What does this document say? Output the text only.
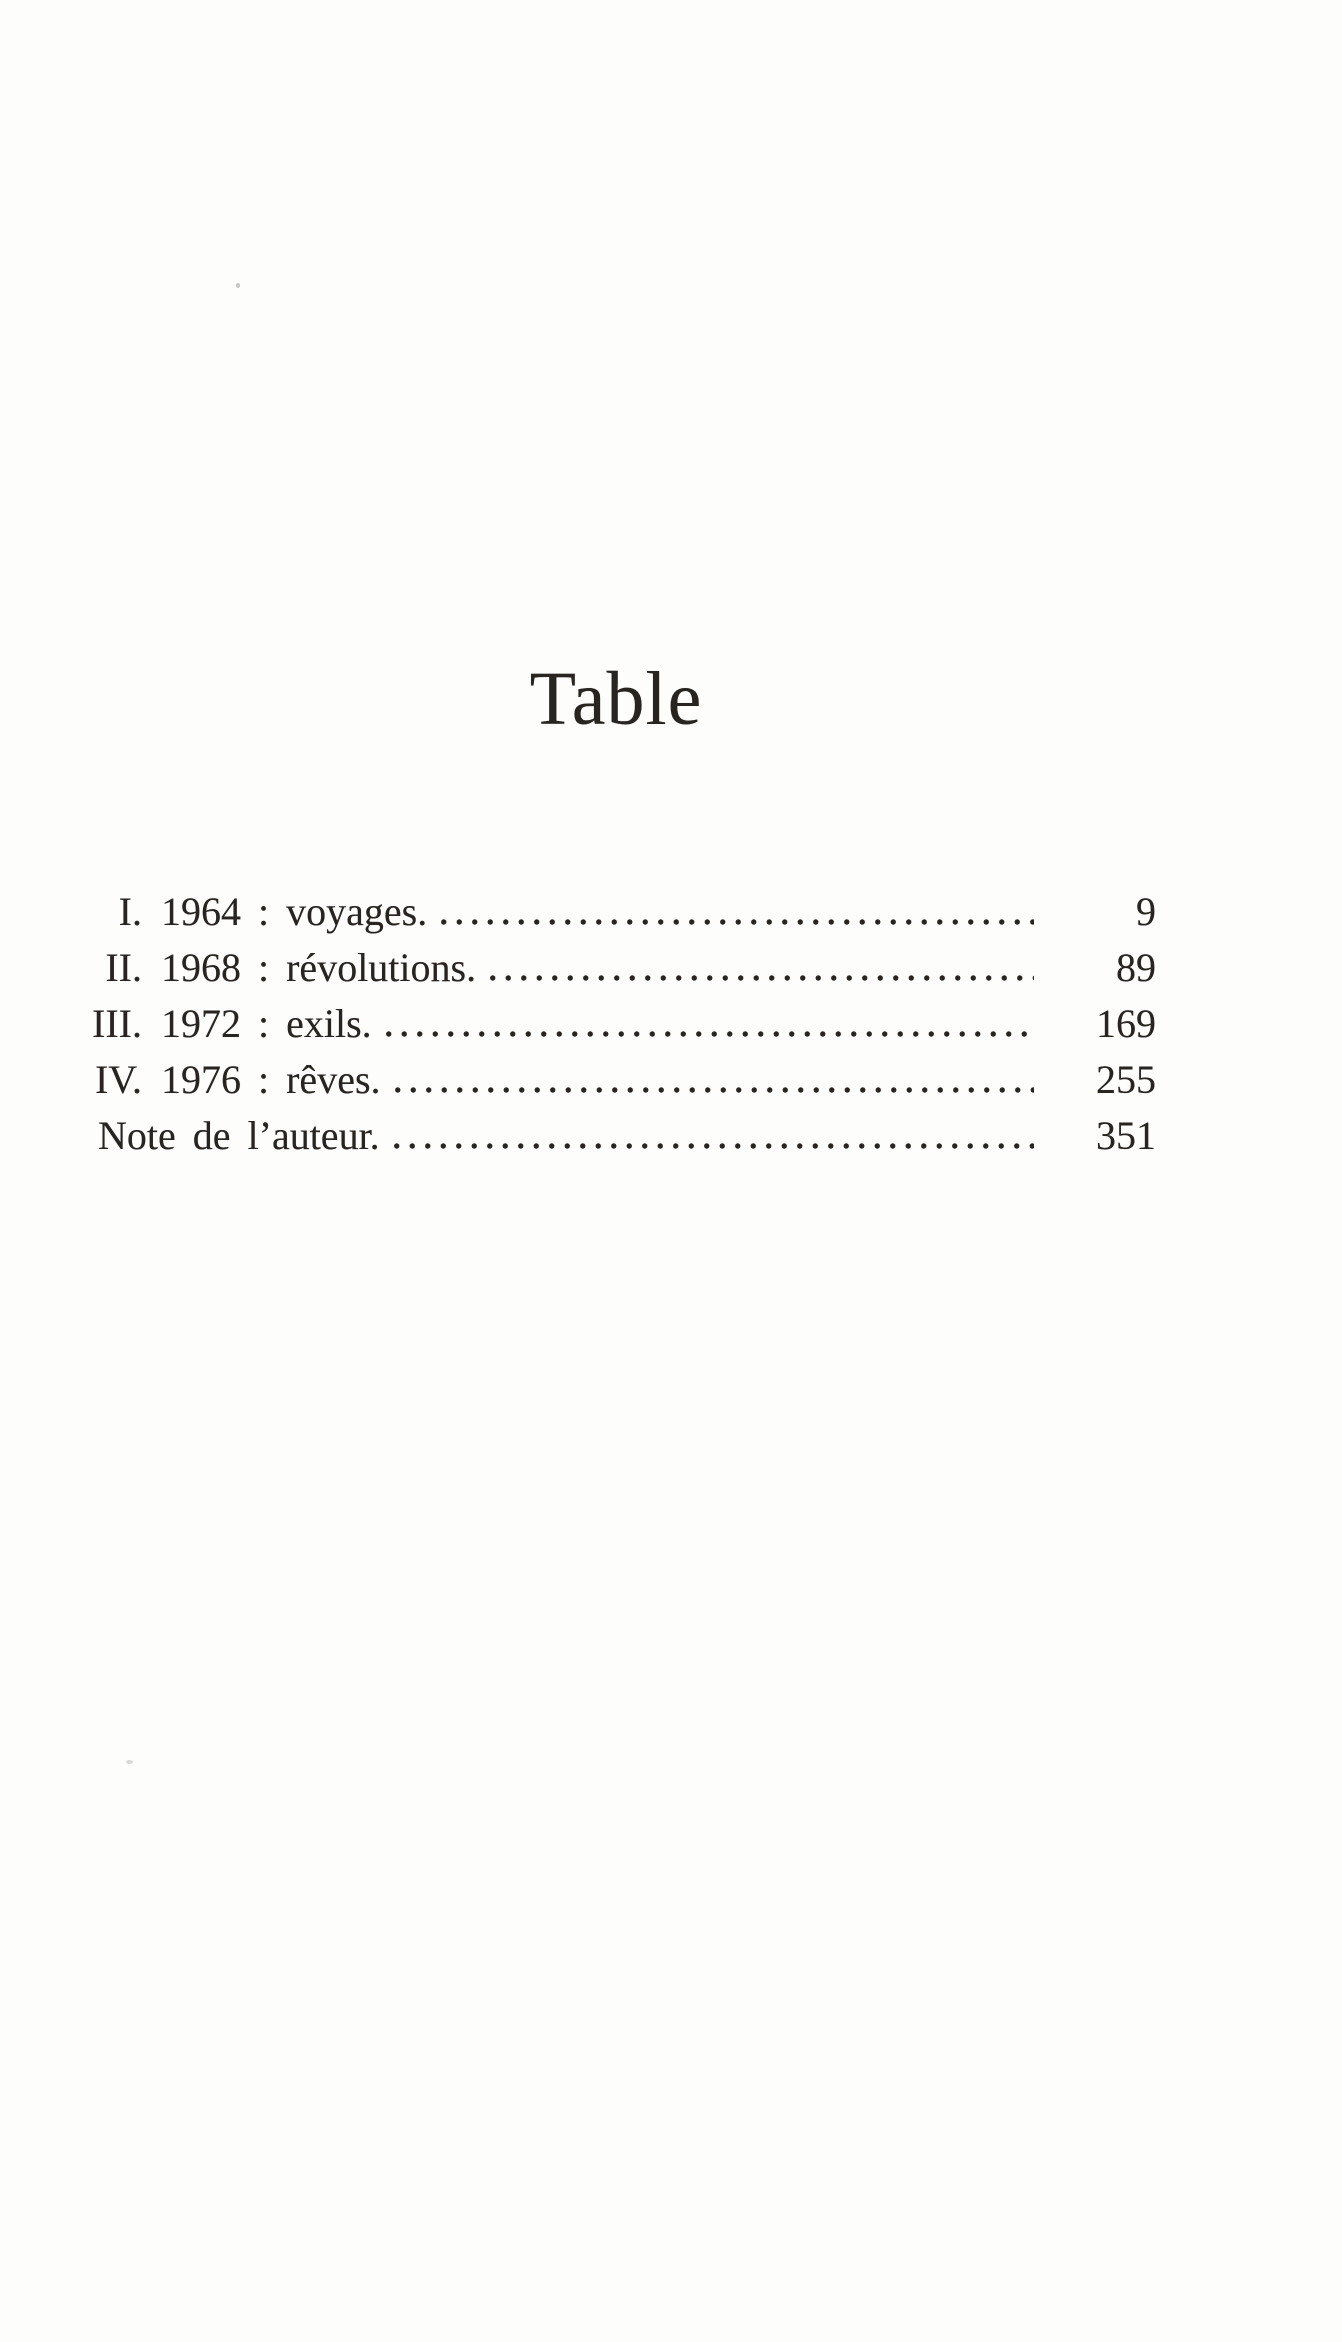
Table
I. 1964 : voyages.	9
II. 1968 : révolutions.	89
III. 1972 : exils.	169
IV. 1976 : rêves.	255
Note de l’auteur.	351
